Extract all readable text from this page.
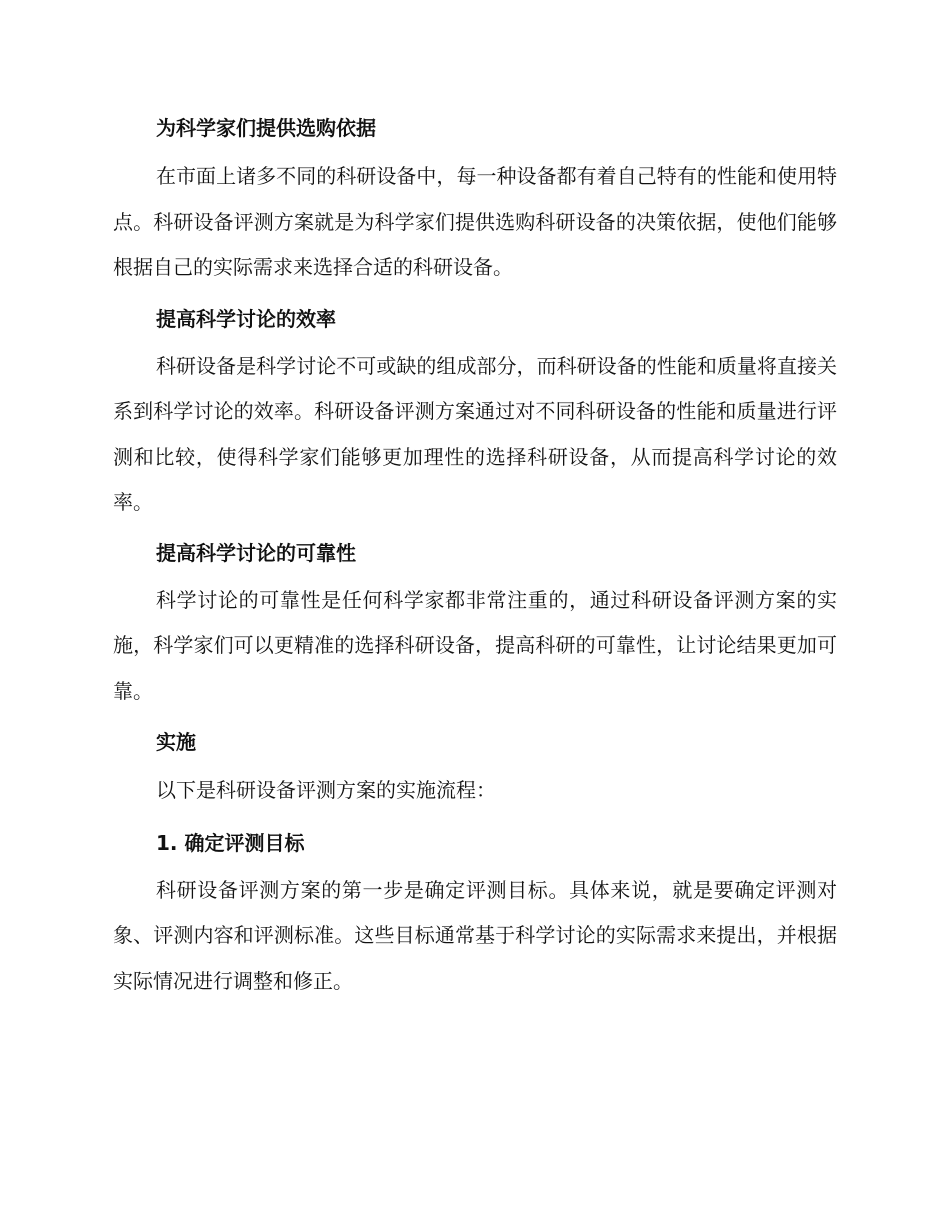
为科学家们提供选购依据

在市面上诸多不同的科研设备中，每一种设备都有着自己特有的性能和使用特点。科研设备评测方案就是为科学家们提供选购科研设备的决策依据，使他们能够根据自己的实际需求来选择合适的科研设备。

提高科学讨论的效率

科研设备是科学讨论不可或缺的组成部分，而科研设备的性能和质量将直接关系到科学讨论的效率。科研设备评测方案通过对不同科研设备的性能和质量进行评测和比较，使得科学家们能够更加理性的选择科研设备，从而提高科学讨论的效率。

提高科学讨论的可靠性

科学讨论的可靠性是任何科学家都非常注重的，通过科研设备评测方案的实施，科学家们可以更精准的选择科研设备，提高科研的可靠性，让讨论结果更加可靠。

实施

以下是科研设备评测方案的实施流程：

1. 确定评测目标

科研设备评测方案的第一步是确定评测目标。具体来说，就是要确定评测对象、评测内容和评测标准。这些目标通常基于科学讨论的实际需求来提出，并根据实际情况进行调整和修正。
